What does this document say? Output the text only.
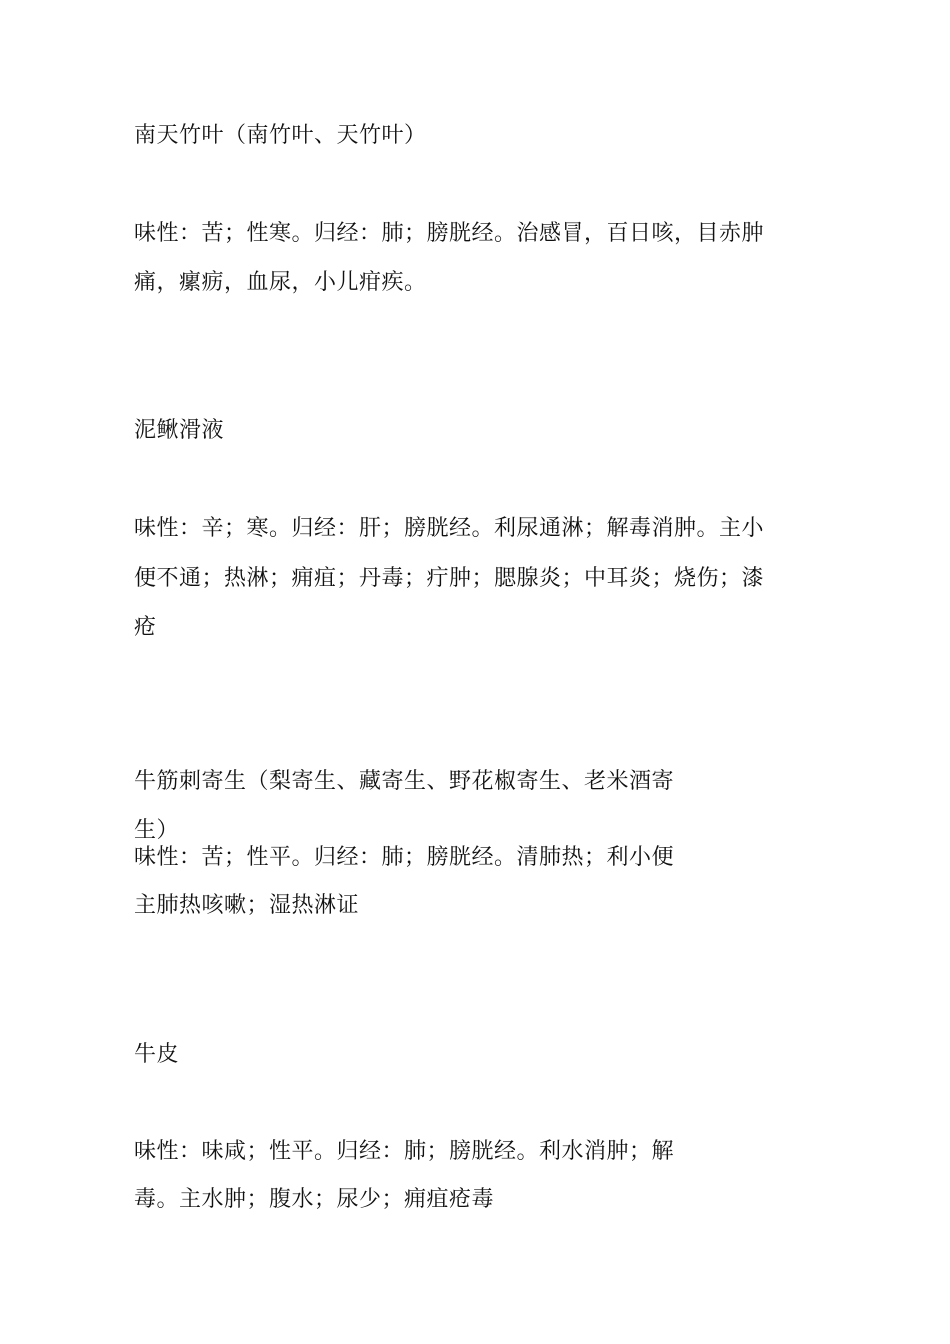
南天竹叶（南竹叶、天竹叶）
味性：苦；性寒。归经：肺；膀胱经。治感冒，百日咳，目赤肿
痛，瘰疬，血尿，小儿疳疾。
泥鳅滑液
味性：辛；寒。归经：肝；膀胱经。利尿通淋；解毒消肿。主小
便不通；热淋；痈疽；丹毒；疔肿；腮腺炎；中耳炎；烧伤；漆
疮
牛筋刺寄生（梨寄生、藏寄生、野花椒寄生、老米酒寄
生）
味性：苦；性平。归经：肺；膀胱经。清肺热；利小便
主肺热咳嗽；湿热淋证
牛皮
味性：味咸；性平。归经：肺；膀胱经。利水消肿；解
毒。主水肿；腹水；尿少；痈疽疮毒
